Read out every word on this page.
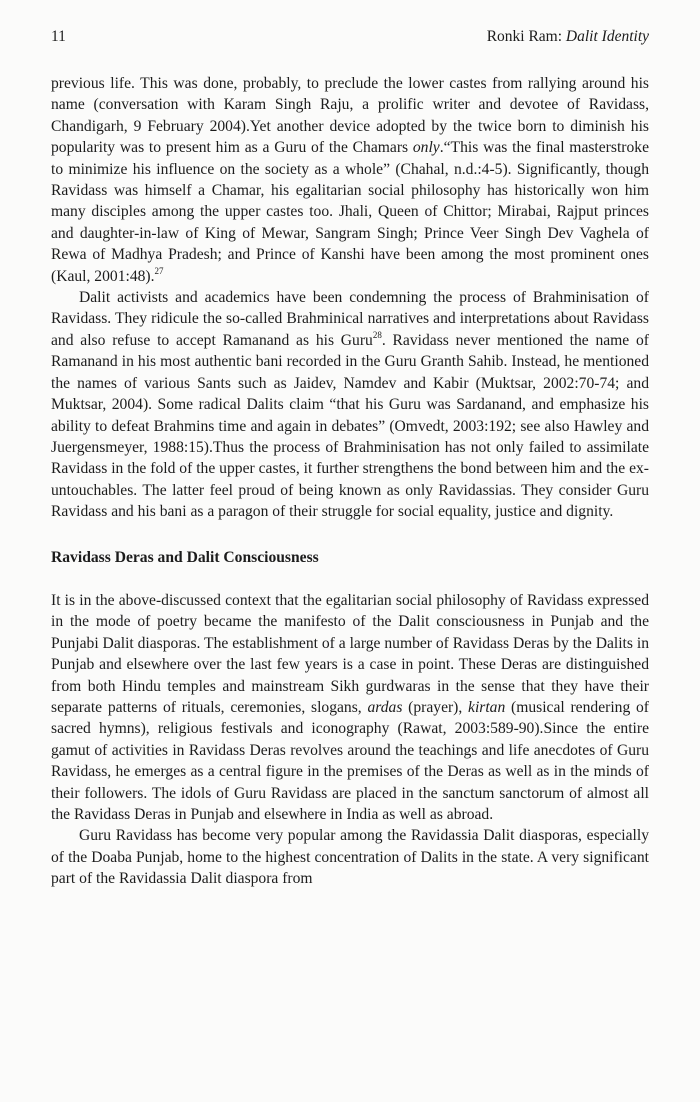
11	Ronki Ram: Dalit Identity

previous life. This was done, probably, to preclude the lower castes from rallying around his name (conversation with Karam Singh Raju, a prolific writer and devotee of Ravidass, Chandigarh, 9 February 2004).Yet another device adopted by the twice born to diminish his popularity was to present him as a Guru of the Chamars only.“This was the final masterstroke to minimize his influence on the society as a whole” (Chahal, n.d.:4-5). Significantly, though Ravidass was himself a Chamar, his egalitarian social philosophy has historically won him many disciples among the upper castes too. Jhali, Queen of Chittor; Mirabai, Rajput princes and daughter-in-law of King of Mewar, Sangram Singh; Prince Veer Singh Dev Vaghela of Rewa of Madhya Pradesh; and Prince of Kanshi have been among the most prominent ones (Kaul, 2001:48).$^{27}$

Dalit activists and academics have been condemning the process of Brahminisation of Ravidass. They ridicule the so-called Brahminical narratives and interpretations about Ravidass and also refuse to accept Ramanand as his Guru$^{28}$. Ravidass never mentioned the name of Ramanand in his most authentic bani recorded in the Guru Granth Sahib. Instead, he mentioned the names of various Sants such as Jaidev, Namdev and Kabir (Muktsar, 2002:70-74; and Muktsar, 2004). Some radical Dalits claim “that his Guru was Sardanand, and emphasize his ability to defeat Brahmins time and again in debates” (Omvedt, 2003:192; see also Hawley and Juergensmeyer, 1988:15).Thus the process of Brahminisation has not only failed to assimilate Ravidass in the fold of the upper castes, it further strengthens the bond between him and the ex-untouchables. The latter feel proud of being known as only Ravidassias. They consider Guru Ravidass and his bani as a paragon of their struggle for social equality, justice and dignity.

Ravidass Deras and Dalit Consciousness

It is in the above-discussed context that the egalitarian social philosophy of Ravidass expressed in the mode of poetry became the manifesto of the Dalit consciousness in Punjab and the Punjabi Dalit diasporas. The establishment of a large number of Ravidass Deras by the Dalits in Punjab and elsewhere over the last few years is a case in point. These Deras are distinguished from both Hindu temples and mainstream Sikh gurdwaras in the sense that they have their separate patterns of rituals, ceremonies, slogans, ardas (prayer), kirtan (musical rendering of sacred hymns), religious festivals and iconography (Rawat, 2003:589-90).Since the entire gamut of activities in Ravidass Deras revolves around the teachings and life anecdotes of Guru Ravidass, he emerges as a central figure in the premises of the Deras as well as in the minds of their followers. The idols of Guru Ravidass are placed in the sanctum sanctorum of almost all the Ravidass Deras in Punjab and elsewhere in India as well as abroad.

Guru Ravidass has become very popular among the Ravidassia Dalit diasporas, especially of the Doaba Punjab, home to the highest concentration of Dalits in the state. A very significant part of the Ravidassia Dalit diaspora from
